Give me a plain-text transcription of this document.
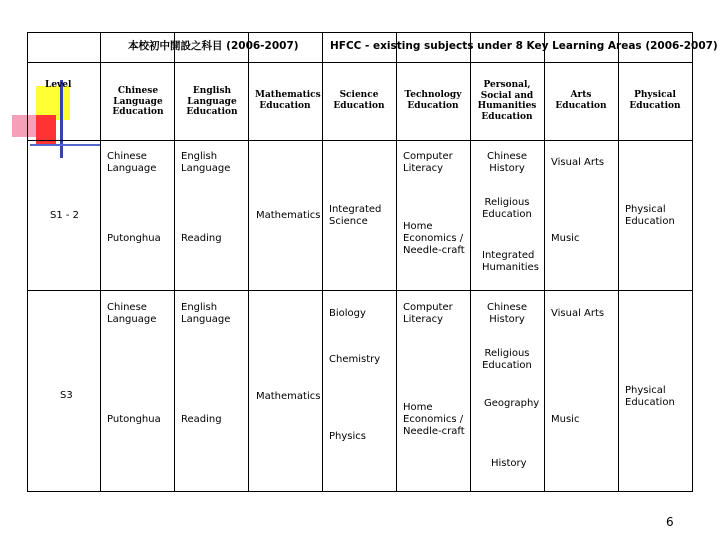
本校初中開設之科目 (2006-2007)	HFCC - existing subjects under 8 Key Learning Areas (2006-2007)
Level
Chinese Language Education
English Language Education
Mathematics Education
Science Education
Technology Education
Personal, Social and Humanities Education
Arts Education
Physical Education
S1 - 2
Chinese Language
Putonghua
English Language
Reading
Mathematics
Integrated Science
Computer Literacy
Home Economics / Needle-craft
Chinese History
Religious Education
Integrated Humanities
Visual Arts
Music
Physical Education
S3
Chinese Language
Putonghua
English Language
Reading
Mathematics
Biology
Chemistry
Physics
Computer Literacy
Home Economics / Needle-craft
Chinese History
Religious Education
Geography
History
Visual Arts
Music
Physical Education
6
